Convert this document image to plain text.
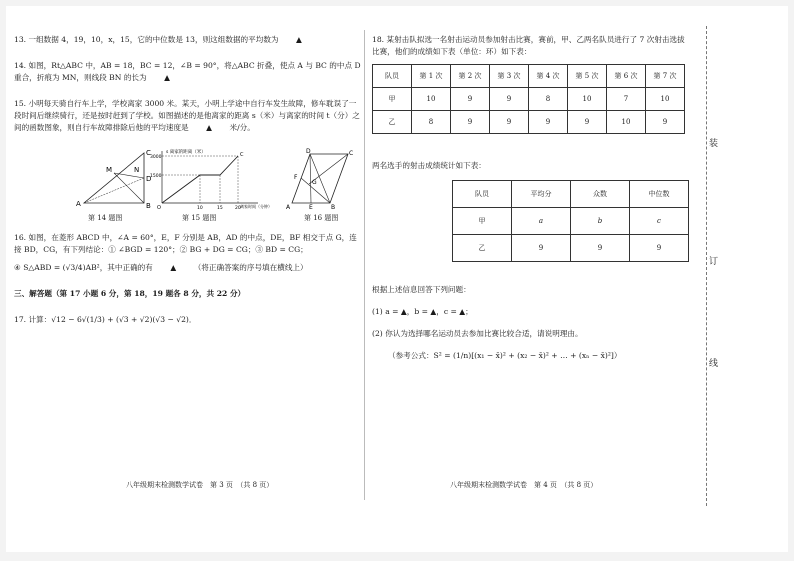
13. 一组数据 4，19，10，x，15，它的中位数是 13，则这组数据的平均数为 ▲
14. 如图，Rt△ABC 中，AB = 18，BC = 12，∠B = 90°，将△ABC 折叠，使点 A 与 BC 的中点 D 重合，折痕为 MN，则线段 BN 的长为 ▲
15. 小明每天骑自行车上学，学校离家 3000 米。某天，小明上学途中自行车发生故障，修车耽误了一段时间后继续骑行，还是按时赶到了学校。如图描述的是他离家的距离 s（米）与离家的时间 t（分）之间的函数图象，则自行车故障排除后他的平均速度是 ▲ 米/分。
A
M	N
D
B
C
第 14 题图
s 离家的距离（米）
3000
1500
O	10	15	20
C
离家时间（分钟）
第 15 题图
D	C
G
F
A	E	B
第 16 题图
16. 如图，在菱形 ABCD 中，∠A = 60°，E，F 分别是 AB，AD 的中点，DE，BF 相交于点 G，连接 BD，CG，有下列结论：① ∠BGD = 120°；② BG + DG = CG；③ BD = CG；
④ S△ABD = (√3/4)AB²，其中正确的有 ▲ （将正确答案的序号填在横线上）
三、解答题（第 17 小题 6 分，第 18，19 题各 8 分，共 22 分）
17. 计算：√12 − 6√(1/3) + (√3 + √2)(√3 − √2)．
八年级期末检测数学试卷　第 3 页　（共 8 页）
18. 某射击队拟选一名射击运动员参加射击比赛，赛前，甲、乙两名队员进行了 7 次射击选拔比赛，他们的成绩如下表（单位：环）如下表：
队员	第 1 次	第 2 次	第 3 次	第 4 次	第 5 次	第 6 次	第 7 次
甲	10	9	9	8	10	7	10
乙	8	9	9	9	9	10	9
两名选手的射击成绩统计如下表：
队员	平均分	众数	中位数
甲	a	b	c
乙	9	9	9
根据上述信息回答下列问题：
(1) a = ▲，b = ▲，c = ▲；
(2) 你认为选择哪名运动员去参加比赛比较合适，请说明理由。
（参考公式：S² = (1/n)[(x₁ − x̄)² + (x₂ − x̄)² + … + (xₙ − x̄)²]）
八年级期末检测数学试卷　第 4 页　（共 8 页）
装
订
线
